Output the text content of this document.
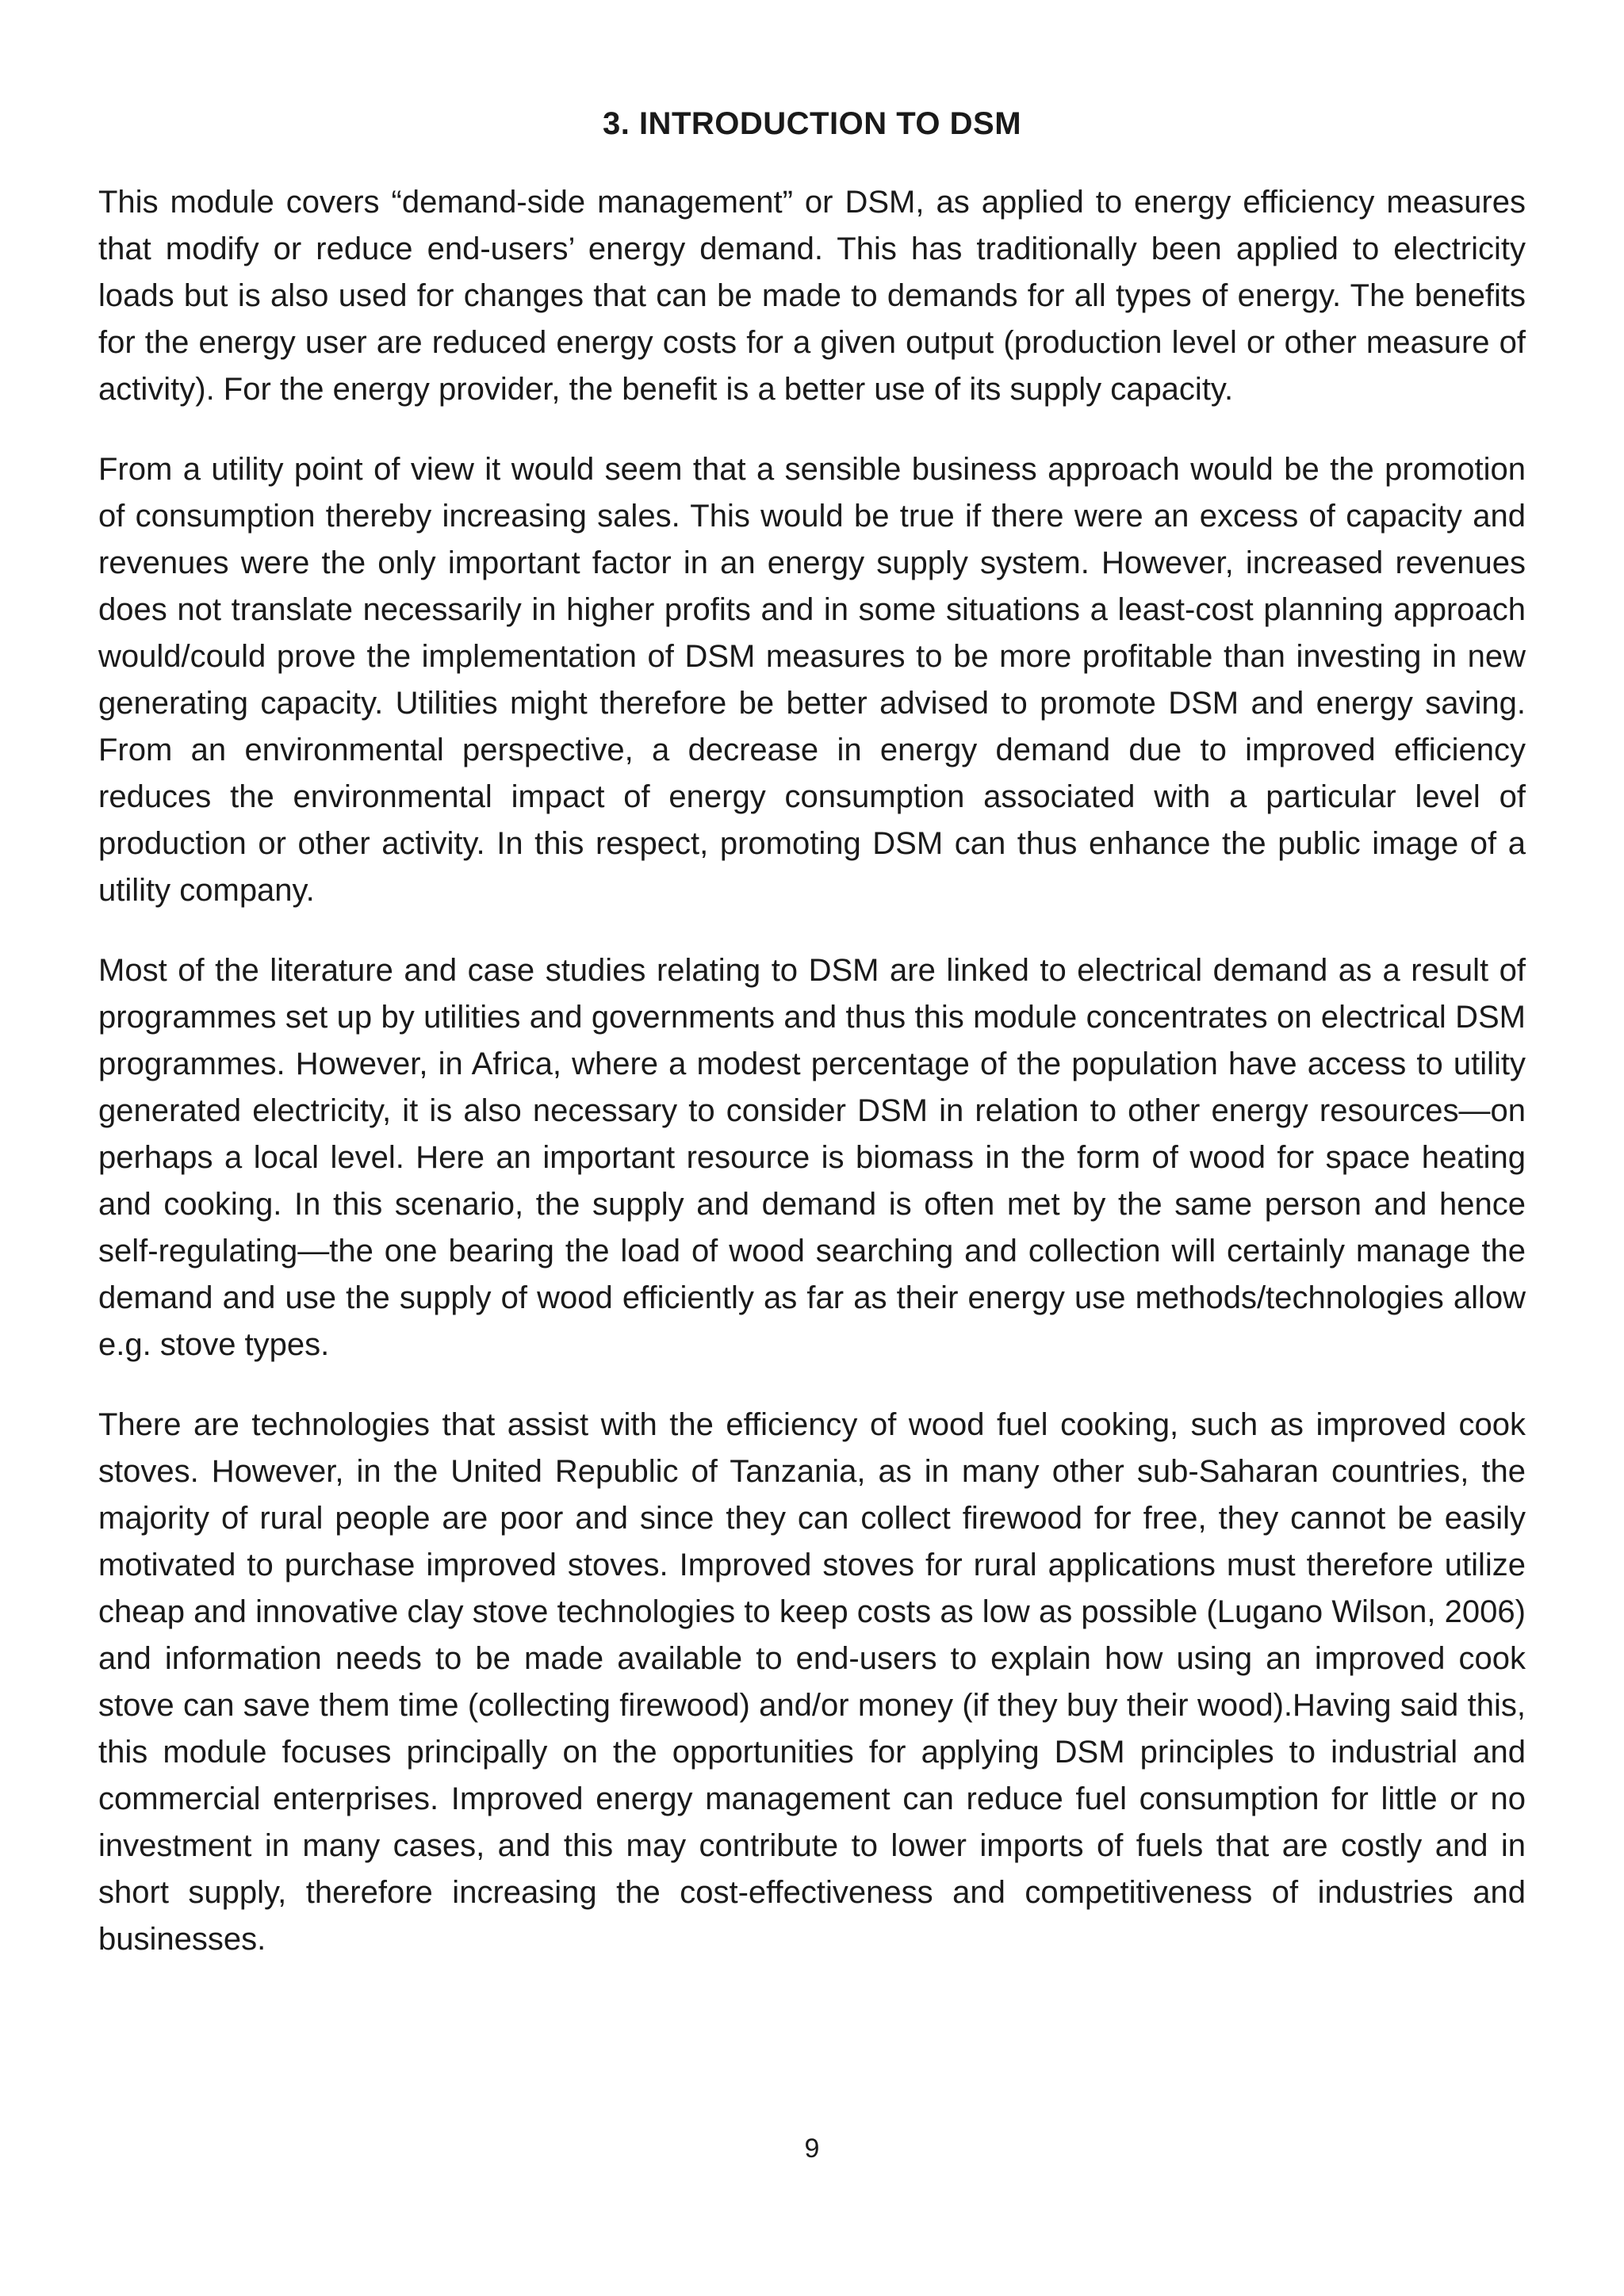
3. INTRODUCTION TO DSM

This module covers “demand-side management” or DSM, as applied to energy efficiency measures that modify or reduce end-users’ energy demand. This has traditionally been applied to electricity loads but is also used for changes that can be made to demands for all types of energy. The benefits for the energy user are reduced energy costs for a given output (production level or other measure of activity). For the energy provider, the benefit is a better use of its supply capacity.

From a utility point of view it would seem that a sensible business approach would be the promotion of consumption thereby increasing sales. This would be true if there were an excess of capacity and revenues were the only important factor in an energy supply system. However, increased revenues does not translate necessarily in higher profits and in some situations a least-cost planning approach would/could prove the implementation of DSM measures to be more profitable than investing in new generating capacity. Utilities might therefore be better advised to promote DSM and energy saving. From an environmental perspective, a decrease in energy demand due to improved efficiency reduces the environmental impact of energy consumption associated with a particular level of production or other activity. In this respect, promoting DSM can thus enhance the public image of a utility company.

Most of the literature and case studies relating to DSM are linked to electrical demand as a result of programmes set up by utilities and governments and thus this module concentrates on electrical DSM programmes. However, in Africa, where a modest percentage of the population have access to utility generated electricity, it is also necessary to consider DSM in relation to other energy resources—on perhaps a local level. Here an important resource is biomass in the form of wood for space heating and cooking. In this scenario, the supply and demand is often met by the same person and hence self-regulating—the one bearing the load of wood searching and collection will certainly manage the demand and use the supply of wood efficiently as far as their energy use methods/technologies allow e.g. stove types.

There are technologies that assist with the efficiency of wood fuel cooking, such as improved cook stoves. However, in the United Republic of Tanzania, as in many other sub-Saharan countries, the majority of rural people are poor and since they can collect firewood for free, they cannot be easily motivated to purchase improved stoves. Improved stoves for rural applications must therefore utilize cheap and innovative clay stove technologies to keep costs as low as possible (Lugano Wilson, 2006) and information needs to be made available to end-users to explain how using an improved cook stove can save them time (collecting firewood) and/or money (if they buy their wood).Having said this, this module focuses principally on the opportunities for applying DSM principles to industrial and commercial enterprises. Improved energy management can reduce fuel consumption for little or no investment in many cases, and this may contribute to lower imports of fuels that are costly and in short supply, therefore increasing the cost-effectiveness and competitiveness of industries and businesses.

9
